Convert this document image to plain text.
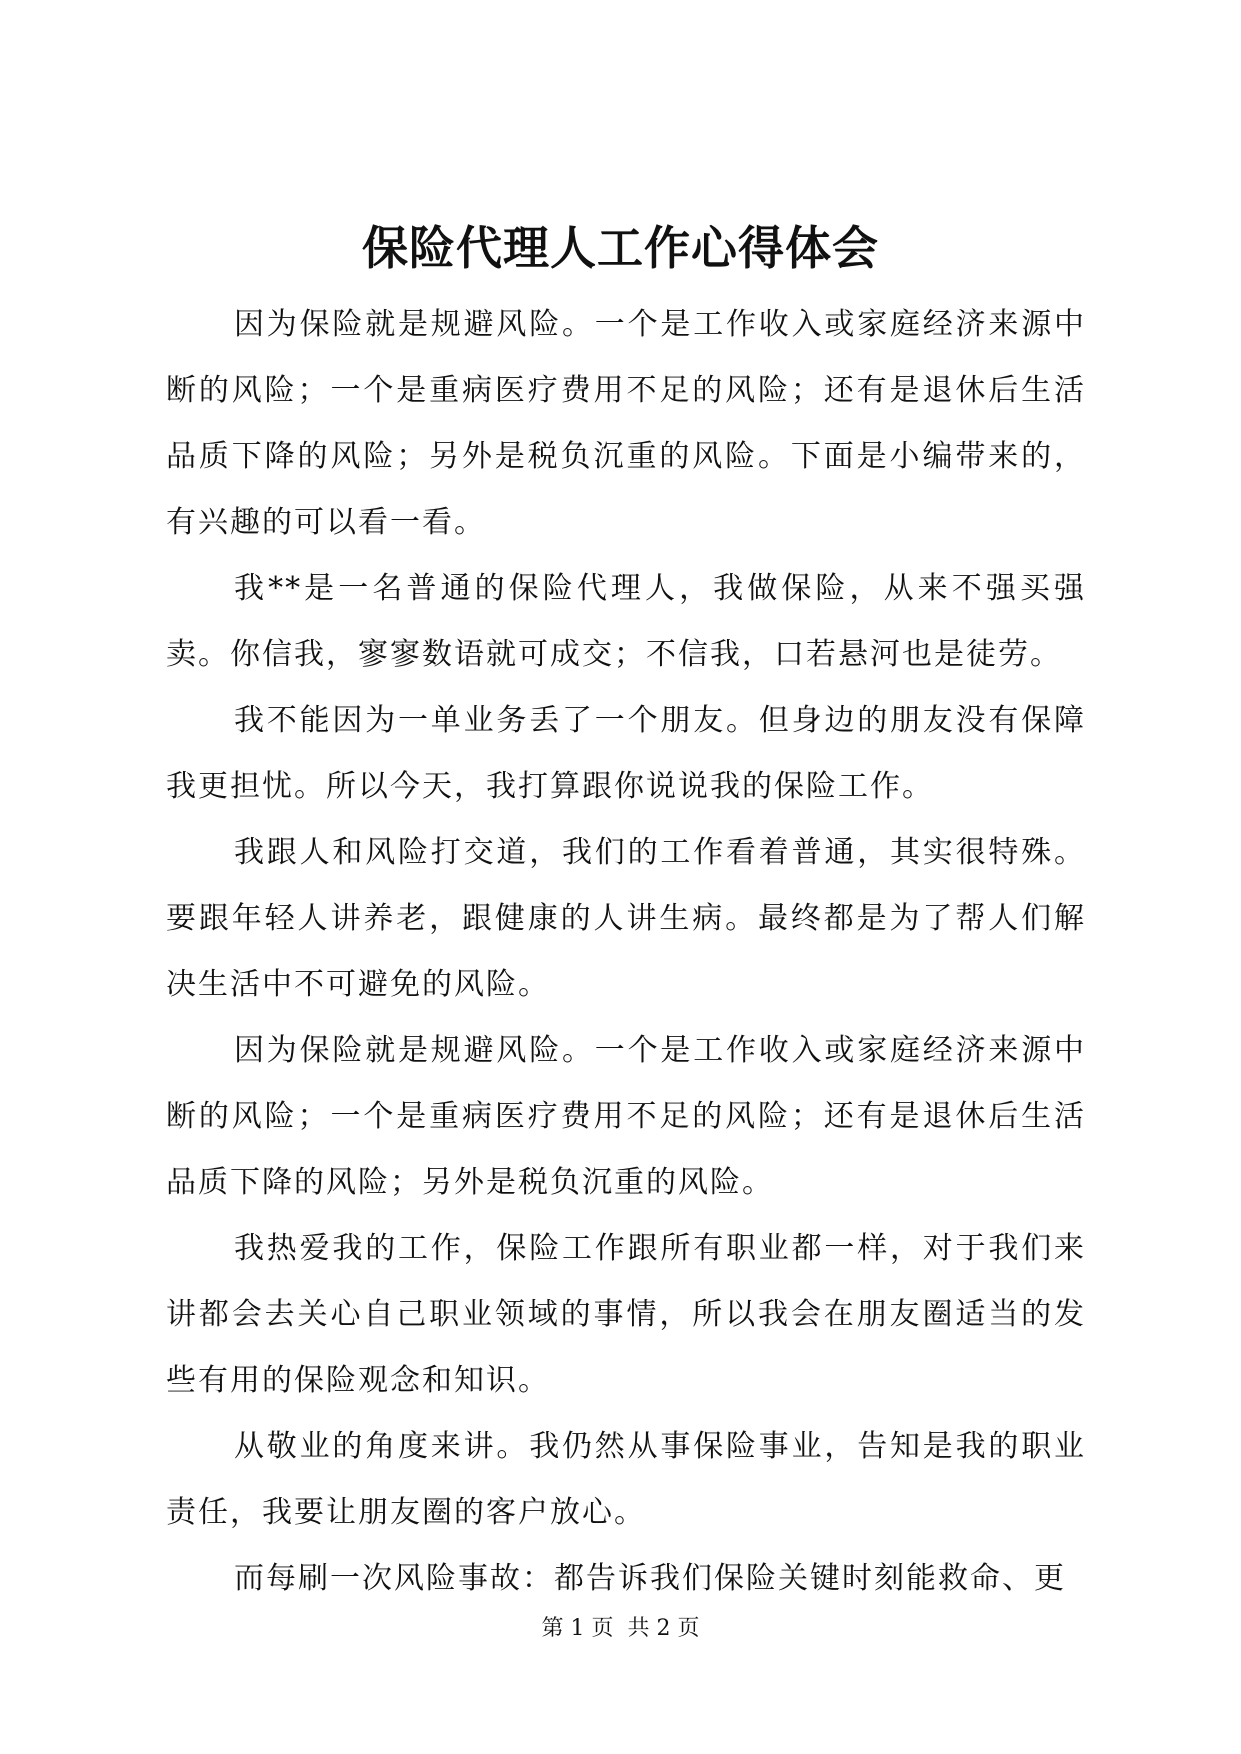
保险代理人工作心得体会

因为保险就是规避风险。一个是工作收入或家庭经济来源中断的风险；一个是重病医疗费用不足的风险；还有是退休后生活品质下降的风险；另外是税负沉重的风险。下面是小编带来的，有兴趣的可以看一看。

我**是一名普通的保险代理人，我做保险，从来不强买强卖。你信我，寥寥数语就可成交；不信我，口若悬河也是徒劳。

我不能因为一单业务丢了一个朋友。但身边的朋友没有保障我更担忧。所以今天，我打算跟你说说我的保险工作。

我跟人和风险打交道，我们的工作看着普通，其实很特殊。要跟年轻人讲养老，跟健康的人讲生病。最终都是为了帮人们解决生活中不可避免的风险。

因为保险就是规避风险。一个是工作收入或家庭经济来源中断的风险；一个是重病医疗费用不足的风险；还有是退休后生活品质下降的风险；另外是税负沉重的风险。

我热爱我的工作，保险工作跟所有职业都一样，对于我们来讲都会去关心自己职业领域的事情，所以我会在朋友圈适当的发些有用的保险观念和知识。

从敬业的角度来讲。我仍然从事保险事业，告知是我的职业责任，我要让朋友圈的客户放心。

而每刷一次风险事故：都告诉我们保险关键时刻能救命、更

第 1 页  共 2 页
